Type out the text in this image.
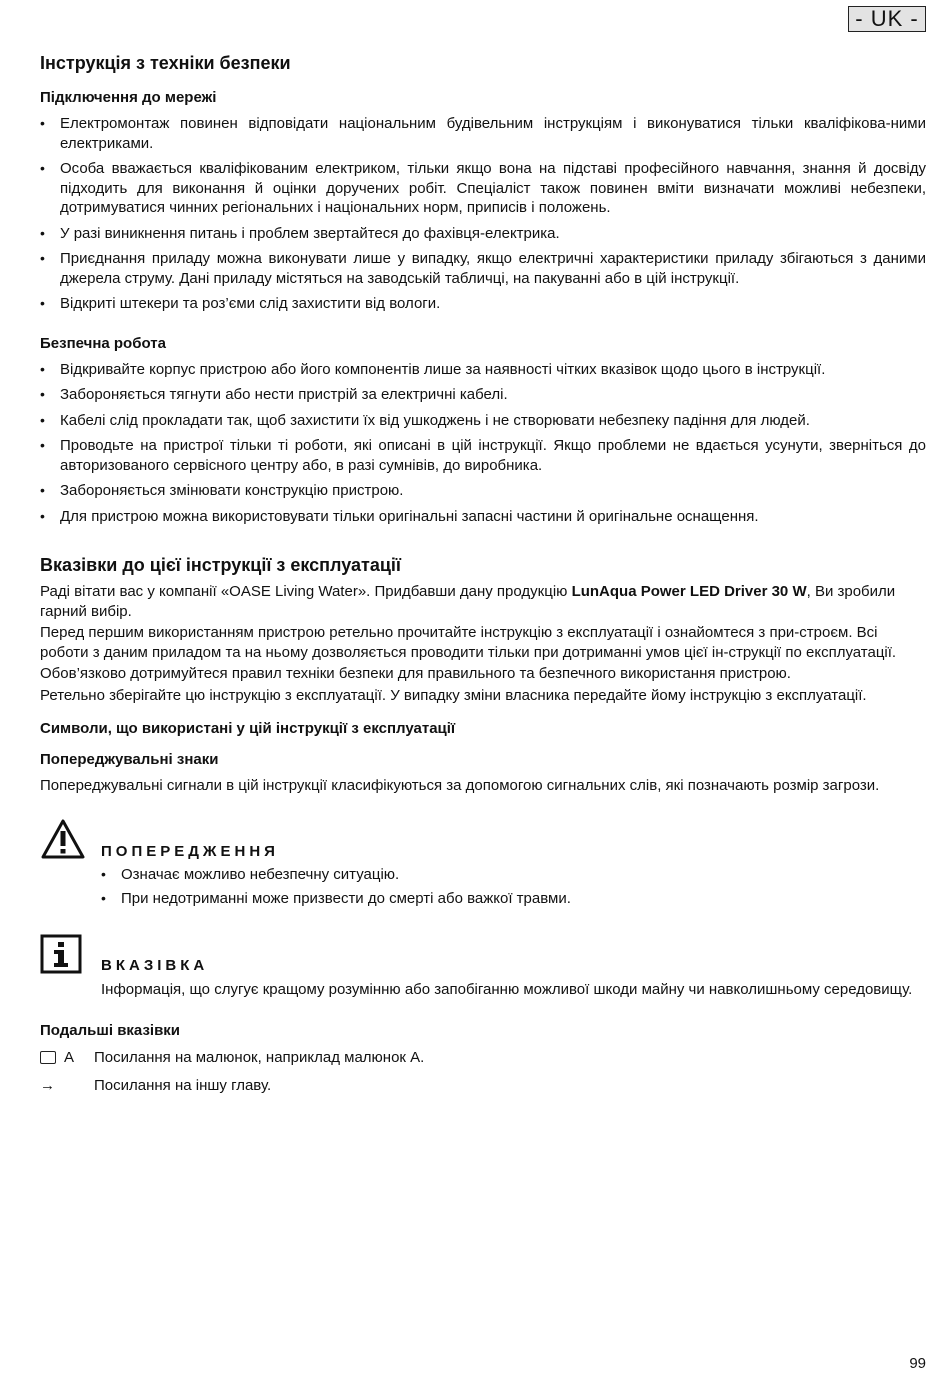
- UK -
Інструкція з техніки безпеки
Підключення до мережі
• Електромонтаж повинен відповідати національним будівельним інструкціям і виконуватися тільки кваліфікова-ними електриками.
• Особа вважається кваліфікованим електриком, тільки якщо вона на підставі професійного навчання, знання й досвіду підходить для виконання й оцінки доручених робіт. Спеціаліст також повинен вміти визначати можливі небезпеки, дотримуватися чинних регіональних і національних норм, приписів і положень.
• У разі виникнення питань і проблем звертайтеся до фахівця-електрика.
• Приєднання приладу можна виконувати лише у випадку, якщо електричні характеристики приладу збігаються з даними джерела струму. Дані приладу містяться на заводській табличці, на пакуванні або в цій інструкції.
• Відкриті штекери та роз’єми слід захистити від вологи.
Безпечна робота
• Відкривайте корпус пристрою або його компонентів лише за наявності чітких вказівок щодо цього в інструкції.
• Забороняється тягнути або нести пристрій за електричні кабелі.
• Кабелі слід прокладати так, щоб захистити їх від ушкоджень і не створювати небезпеку падіння для людей.
• Проводьте на пристрої тільки ті роботи, які описані в цій інструкції. Якщо проблеми не вдається усунути, зверніться до авторизованого сервісного центру або, в разі сумнівів, до виробника.
• Забороняється змінювати конструкцію пристрою.
• Для пристрою можна використовувати тільки оригінальні запасні частини й оригінальне оснащення.
Вказівки до цієї інструкції з експлуатації

Раді вітати вас у компанії «OASE Living Water». Придбавши дану продукцію LunAqua Power LED Driver 30 W, Ви зробили гарний вибір.

Перед першим використанням пристрою ретельно прочитайте інструкцію з експлуатації і ознайомтеся з при-строєм. Всі роботи з даним приладом та на ньому дозволяється проводити тільки при дотриманні умов цієї ін-струкції по експлуатації.

Обов’язково дотримуйтеся правил техніки безпеки для правильного та безпечного використання пристрою.

Ретельно зберігайте цю інструкцію з експлуатації. У випадку зміни власника передайте йому інструкцію з експлуатації.

Символи, що використані у цій інструкції з експлуатації
Попереджувальні знаки

Попереджувальні сигнали в цій інструкції класифікуються за допомогою сигнальних слів, які позначають розмір загрози.

ПОПЕРЕДЖЕННЯ
• Означає можливо небезпечну ситуацію.
• При недотриманні може призвести до смерті або важкої травми.
ВКАЗІВКА

Інформація, що слугує кращому розумінню або запобіганню можливої шкоди майну чи навколишньому середовищу.

Подальші вказівки
A Посилання на малюнок, наприклад малюнок А.
→	Посилання на іншу главу.
99
